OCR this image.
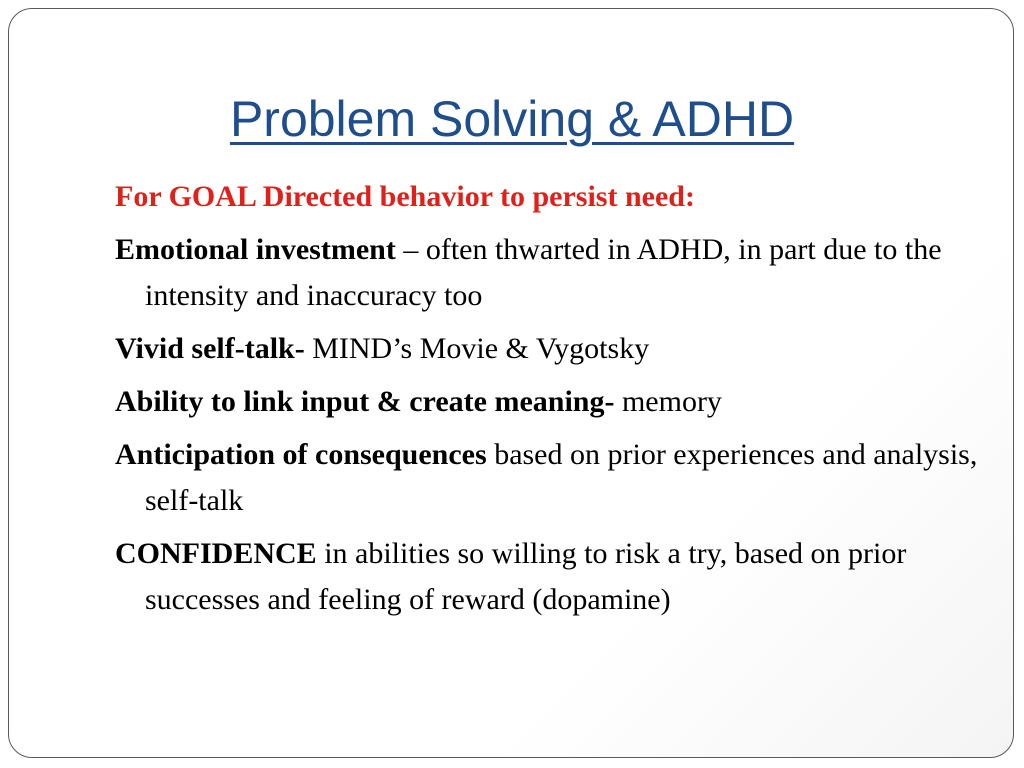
Problem Solving & ADHD

For GOAL Directed behavior to persist need:

Emotional investment – often thwarted in ADHD, in part due to the intensity and inaccuracy too

Vivid self-talk- MIND’s Movie & Vygotsky

Ability to link input & create meaning- memory

Anticipation of consequences based on prior experiences and analysis, self-talk

CONFIDENCE in abilities so willing to risk a try, based on prior successes and feeling of reward (dopamine)
